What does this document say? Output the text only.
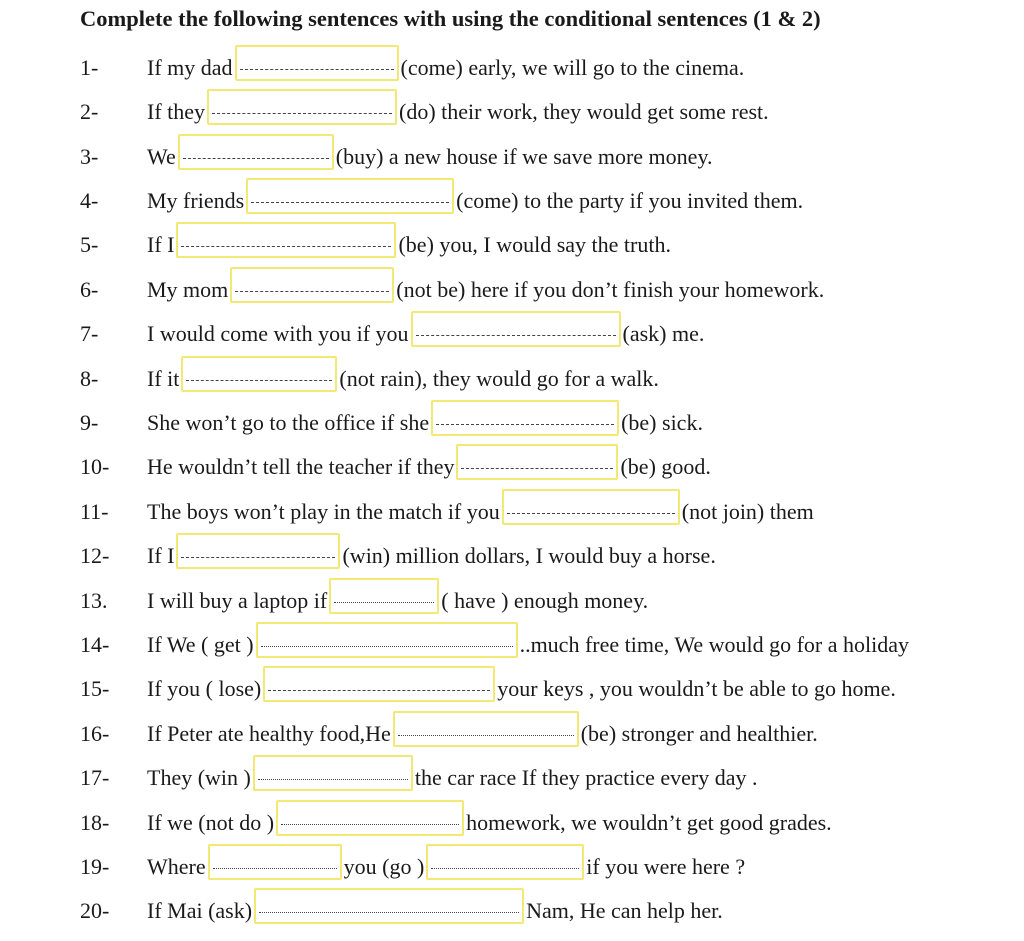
Complete the following sentences with using the conditional sentences (1 & 2)
1- If my dad	(come) early, we will go to the cinema.
2- If they	(do) their work, they would get some rest.
3- We	(buy) a new house if we save more money.
4- My friends	(come) to the party if you invited them.
5- If I	(be) you, I would say the truth.
6- My mom	(not be) here if you don’t finish your homework.
7- I would come with you if you	(ask) me.
8- If it	(not rain), they would go for a walk.
9- She won’t go to the office if she	(be) sick.
10- He wouldn’t tell the teacher if they	(be) good.
11- The boys won’t play in the match if you	(not join) them
12- If I	(win) million dollars, I would buy a horse.
13. I will buy a laptop if	( have ) enough money.
14- If We ( get )	..much free time, We would go for a holiday
15- If you ( lose)	your keys , you wouldn’t be able to go home.
16- If Peter ate healthy food,He	(be) stronger and healthier.
17- They (win )	the car race If they practice every day .
18- If we (not do )	homework, we wouldn’t get good grades.
19- Where	you (go )	if you were here ?
20- If Mai (ask)	Nam, He can help her.
